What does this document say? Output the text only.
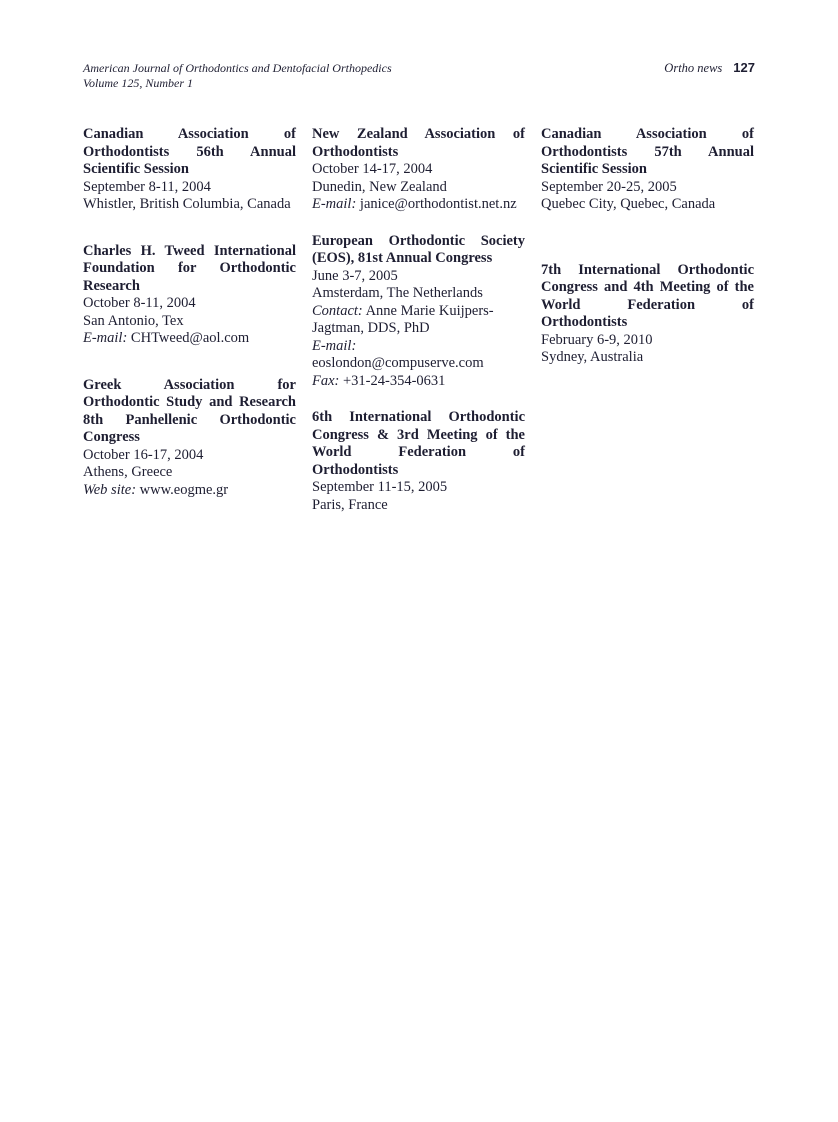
American Journal of Orthodontics and Dentofacial Orthopedics
Volume 125, Number 1
Ortho news 127
Canadian Association of
Orthodontists 56th Annual
Scientific Session
September 8-11, 2004
Whistler, British Columbia, Canada
Charles H. Tweed International
Foundation for Orthodontic
Research
October 8-11, 2004
San Antonio, Tex
E-mail: CHTweed@aol.com
Greek Association for
Orthodontic Study and Research
8th Panhellenic Orthodontic
Congress
October 16-17, 2004
Athens, Greece
Web site: www.eogme.gr
New Zealand Association of
Orthodontists
October 14-17, 2004
Dunedin, New Zealand
E-mail: janice@orthodontist.net.nz
European Orthodontic Society
(EOS), 81st Annual Congress
June 3-7, 2005
Amsterdam, The Netherlands
Contact: Anne Marie Kuijpers-
Jagtman, DDS, PhD
E-mail: eoslondon@compuserve.com
Fax: +31-24-354-0631
6th International Orthodontic
Congress & 3rd Meeting of the
World Federation of
Orthodontists
September 11-15, 2005
Paris, France
Canadian Association of
Orthodontists 57th Annual
Scientific Session
September 20-25, 2005
Quebec City, Quebec, Canada
7th International Orthodontic
Congress and 4th Meeting of the
World Federation of
Orthodontists
February 6-9, 2010
Sydney, Australia
